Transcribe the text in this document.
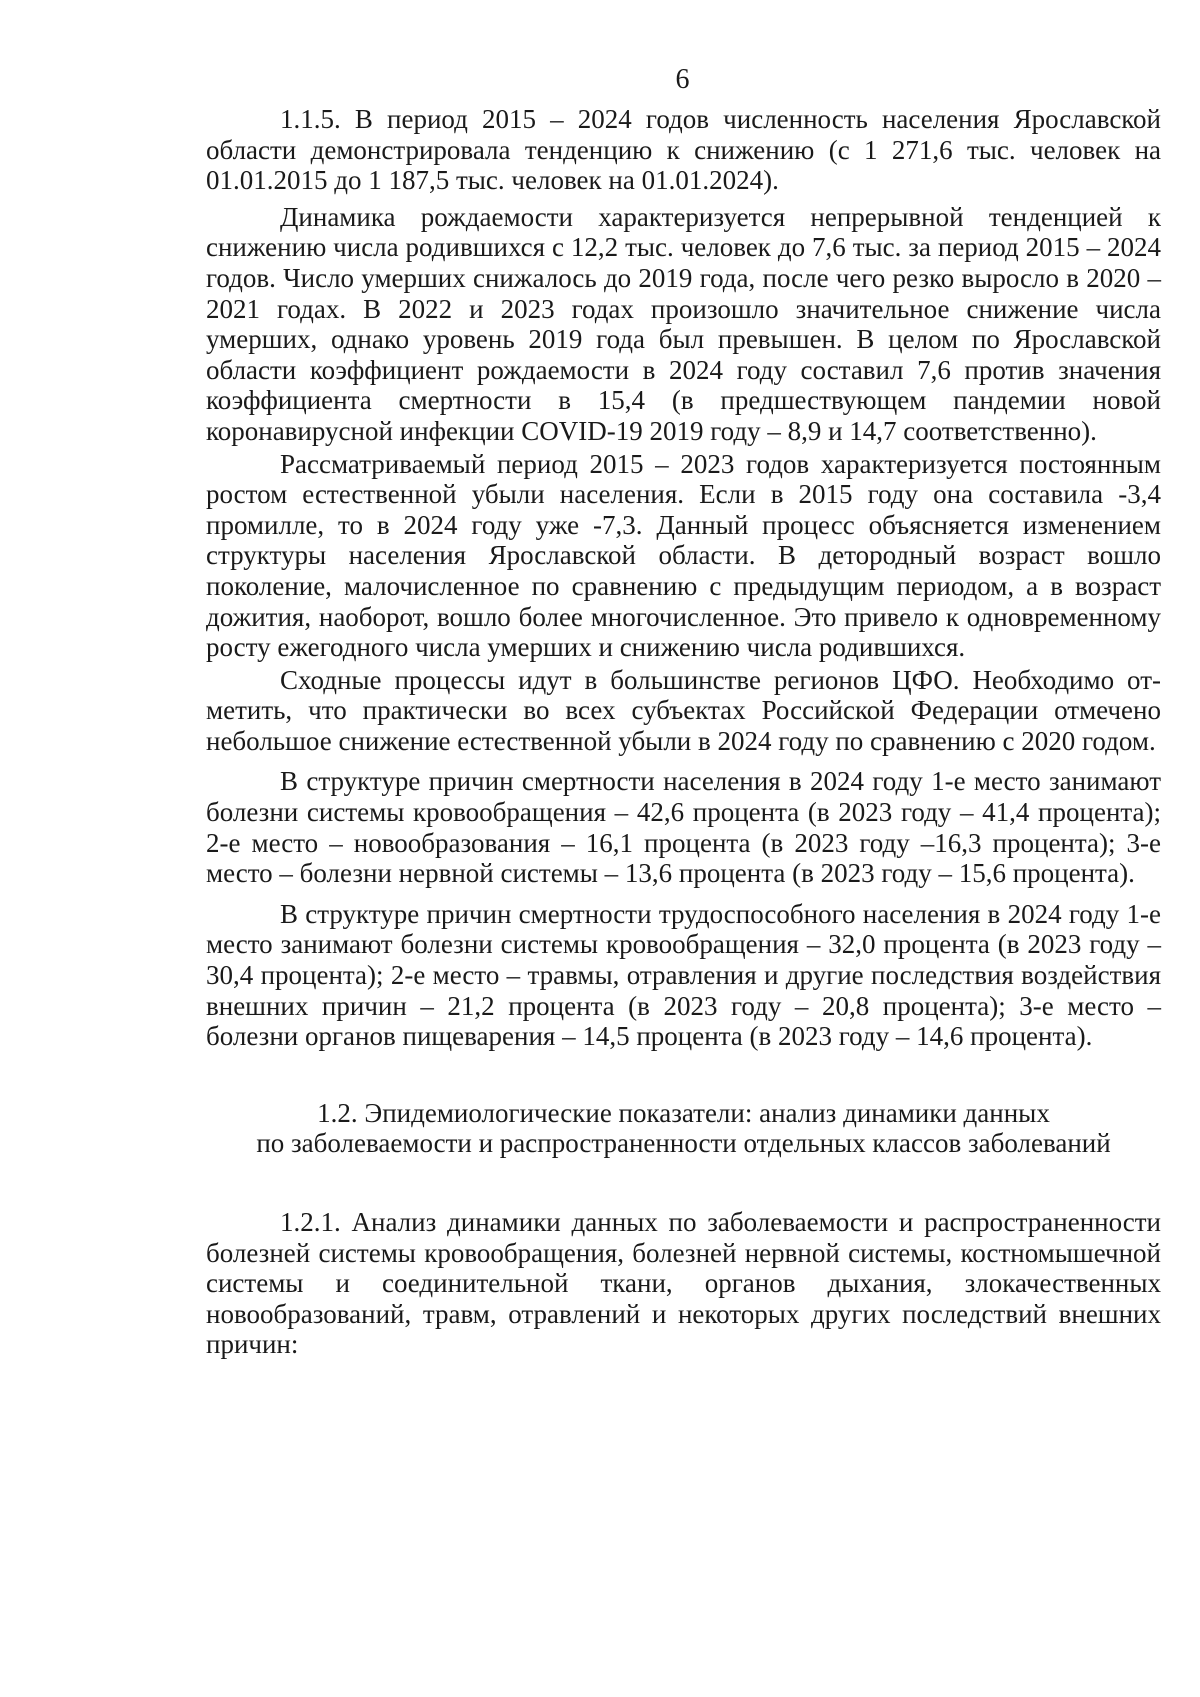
6

1.1.5. В период 2015 – 2024 годов численность населения Ярославской области демонстрировала тенденцию к снижению (с 1 271,6 тыс. человек на 01.01.2015 до 1 187,5 тыс. человек на 01.01.2024).

Динамика рождаемости характеризуется непрерывной тенденцией к снижению числа родившихся с 12,2 тыс. человек до 7,6 тыс. за период 2015 – 2024 годов. Число умерших снижалось до 2019 года, после чего резко выросло в 2020 – 2021 годах. В 2022 и 2023 годах произошло значительное снижение числа умерших, однако уровень 2019 года был превышен. В целом по Ярославской области коэффициент рождаемости в 2024 году составил 7,6 против значения коэффициента смертности в 15,4 (в предшествующем пандемии новой коронавирусной инфекции COVID-19 2019 году – 8,9 и 14,7 соответственно).

Рассматриваемый период 2015 – 2023 годов характеризуется постоянным ростом естественной убыли населения. Если в 2015 году она составила -3,4 промилле, то в 2024 году уже -7,3. Данный процесс объясняется изменением структуры населения Ярославской области. В детородный возраст вошло поколение, малочисленное по сравнению с предыдущим периодом, а в возраст дожития, наоборот, вошло более многочисленное. Это привело к одновременному росту ежегодного числа умерших и снижению числа родившихся.

Сходные процессы идут в большинстве регионов ЦФО. Необходимо отметить, что практически во всех субъектах Российской Федерации отмечено небольшое снижение естественной убыли в 2024 году по сравнению с 2020 годом.

В структуре причин смертности населения в 2024 году 1-е место занимают болезни системы кровообращения – 42,6 процента (в 2023 году – 41,4 процента); 2-е место – новообразования – 16,1 процента (в 2023 году –16,3 процента); 3-е место – болезни нервной системы – 13,6 процента (в 2023 году – 15,6 процента).

В структуре причин смертности трудоспособного населения в 2024 году 1-е место занимают болезни системы кровообращения – 32,0 процента (в 2023 году – 30,4 процента); 2-е место – травмы, отравления и другие последствия воздействия внешних причин – 21,2 процента (в 2023 году – 20,8 процента); 3-е место – болезни органов пищеварения – 14,5 процента (в 2023 году – 14,6 процента).

1.2. Эпидемиологические показатели: анализ динамики данных
по заболеваемости и распространенности отдельных классов заболеваний

1.2.1. Анализ динамики данных по заболеваемости и распространенности болезней системы кровообращения, болезней нервной системы, костномышечной системы и соединительной ткани, органов дыхания, злокачественных новообразований, травм, отравлений и некоторых других последствий внешних причин:
